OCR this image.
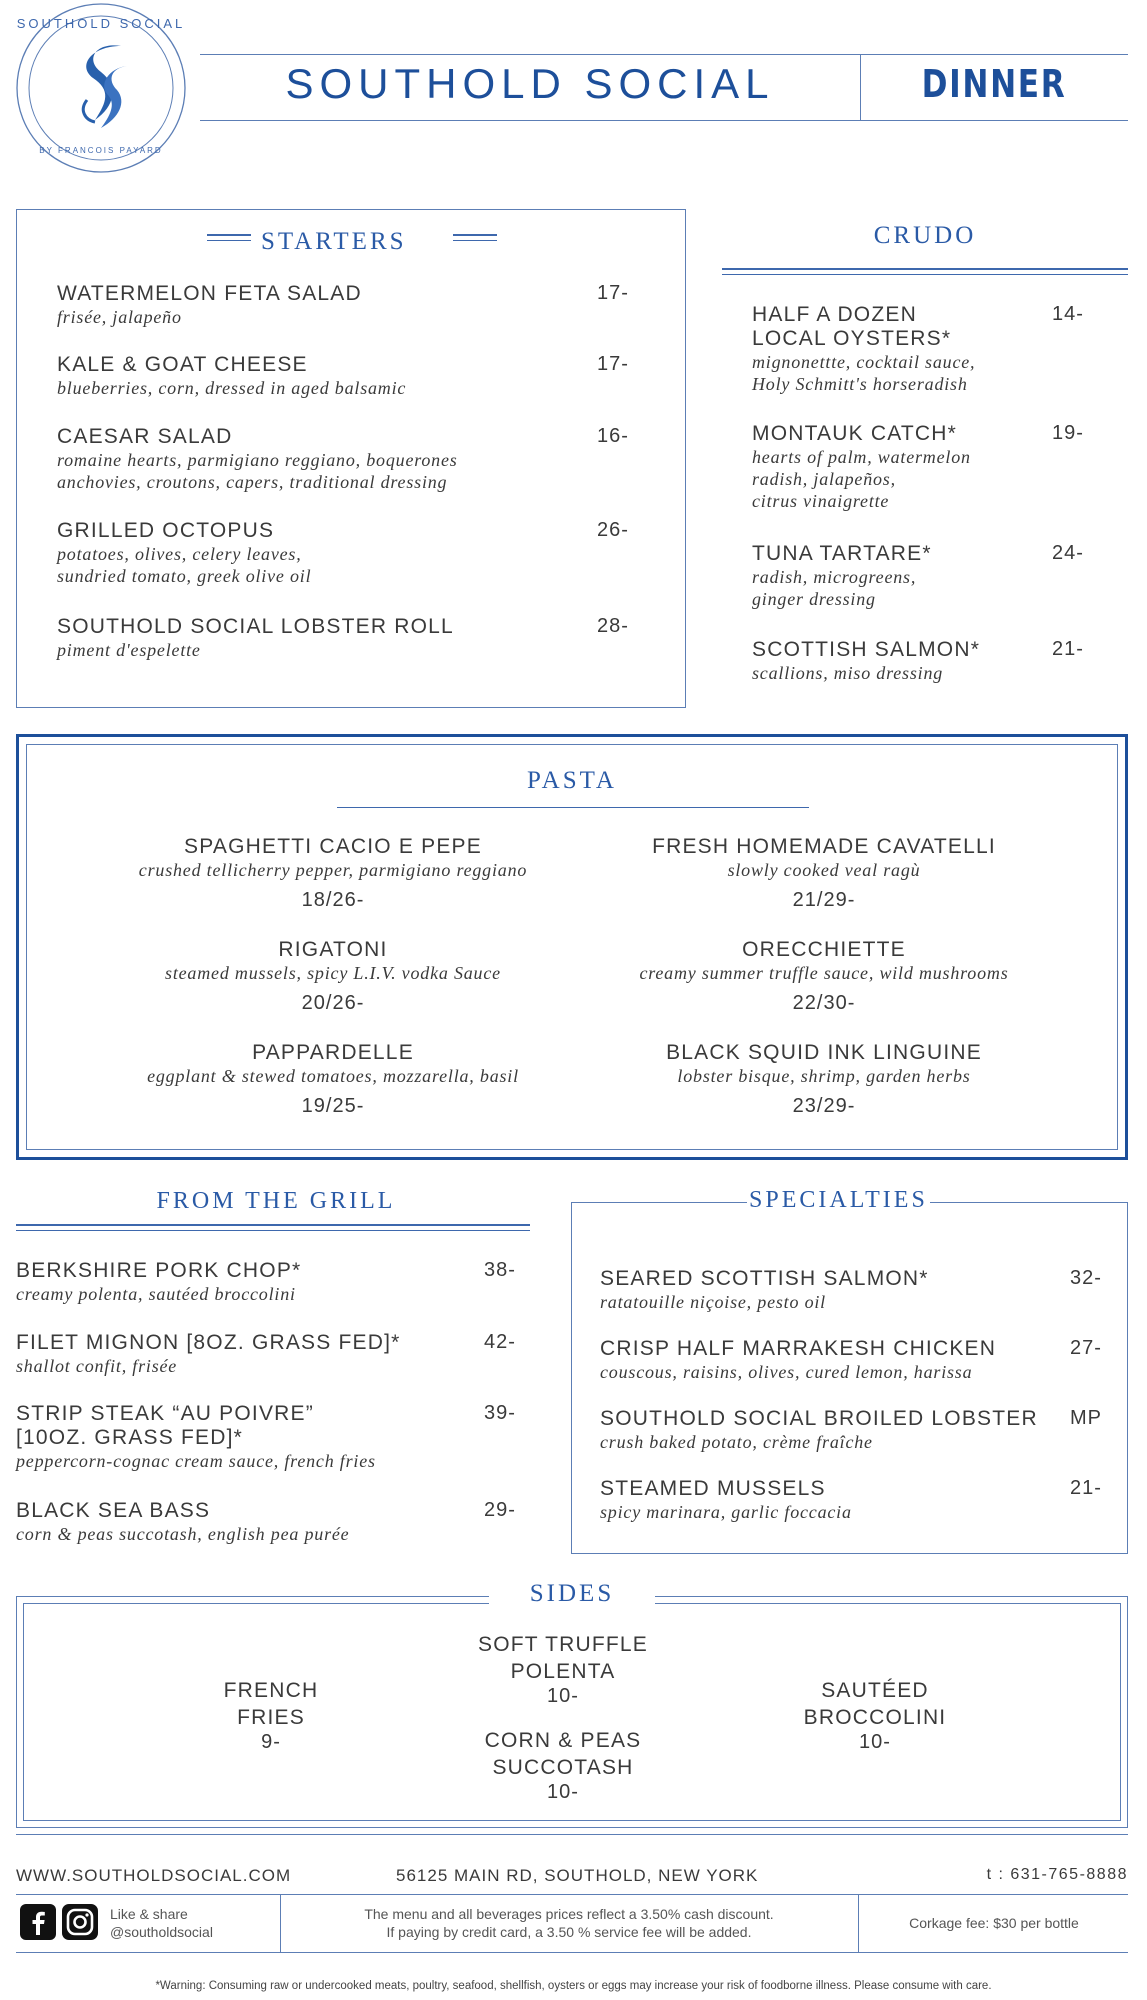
SOUTHOLD SOCIAL
BY FRANCOIS PAYARD
SOUTHOLD SOCIAL	DINNER
STARTERS
WATERMELON FETA SALAD
frisée, jalapeño
17-
KALE & GOAT CHEESE
blueberries, corn, dressed in aged balsamic
17-
CAESAR SALAD
romaine hearts, parmigiano reggiano, boquerones
anchovies, croutons, capers, traditional dressing
16-
GRILLED OCTOPUS
potatoes, olives, celery leaves,
sundried tomato, greek olive oil
26-
SOUTHOLD SOCIAL LOBSTER ROLL
piment d'espelette
28-
CRUDO
HALF A DOZEN
LOCAL OYSTERS*
mignonettte, cocktail sauce,
Holy Schmitt's horseradish
14-
MONTAUK CATCH*
hearts of palm, watermelon
radish, jalapeños,
citrus vinaigrette
19-
TUNA TARTARE*
radish, microgreens,
ginger dressing
24-
SCOTTISH SALMON*
scallions, miso dressing
21-
PASTA
SPAGHETTI CACIO E PEPE
crushed tellicherry pepper, parmigiano reggiano
18/26-
FRESH HOMEMADE CAVATELLI
slowly cooked veal ragù
21/29-
RIGATONI
steamed mussels, spicy L.I.V. vodka Sauce
20/26-
ORECCHIETTE
creamy summer truffle sauce, wild mushrooms
22/30-
PAPPARDELLE
eggplant & stewed tomatoes, mozzarella, basil
19/25-
BLACK SQUID INK LINGUINE
lobster bisque, shrimp, garden herbs
23/29-
FROM THE GRILL
BERKSHIRE PORK CHOP*
creamy polenta, sautéed broccolini
38-
FILET MIGNON [8OZ. GRASS FED]*
shallot confit, frisée
42-
STRIP STEAK “AU POIVRE”
[10OZ. GRASS FED]*
peppercorn-cognac cream sauce, french fries
39-
BLACK SEA BASS
corn & peas succotash, english pea purée
29-
SPECIALTIES
SEARED SCOTTISH SALMON*
ratatouille niçoise, pesto oil
32-
CRISP HALF MARRAKESH CHICKEN
couscous, raisins, olives, cured lemon, harissa
27-
SOUTHOLD SOCIAL BROILED LOBSTER
crush baked potato, crème fraîche
MP
STEAMED MUSSELS
spicy marinara, garlic foccacia
21-
SIDES
FRENCH
FRIES
9-
SOFT TRUFFLE
POLENTA
10-
CORN & PEAS
SUCCOTASH
10-
SAUTÉED
BROCCOLINI
10-
WWW.SOUTHOLDSOCIAL.COM	56125 MAIN RD, SOUTHOLD, NEW YORK	t : 631-765-8888
Like & share
@southoldsocial
The menu and all beverages prices reflect a 3.50% cash discount.
If paying by credit card, a 3.50 % service fee will be added.
Corkage fee: $30 per bottle
*Warning: Consuming raw or undercooked meats, poultry, seafood, shellfish, oysters or eggs may increase your risk of foodborne illness. Please consume with care.
